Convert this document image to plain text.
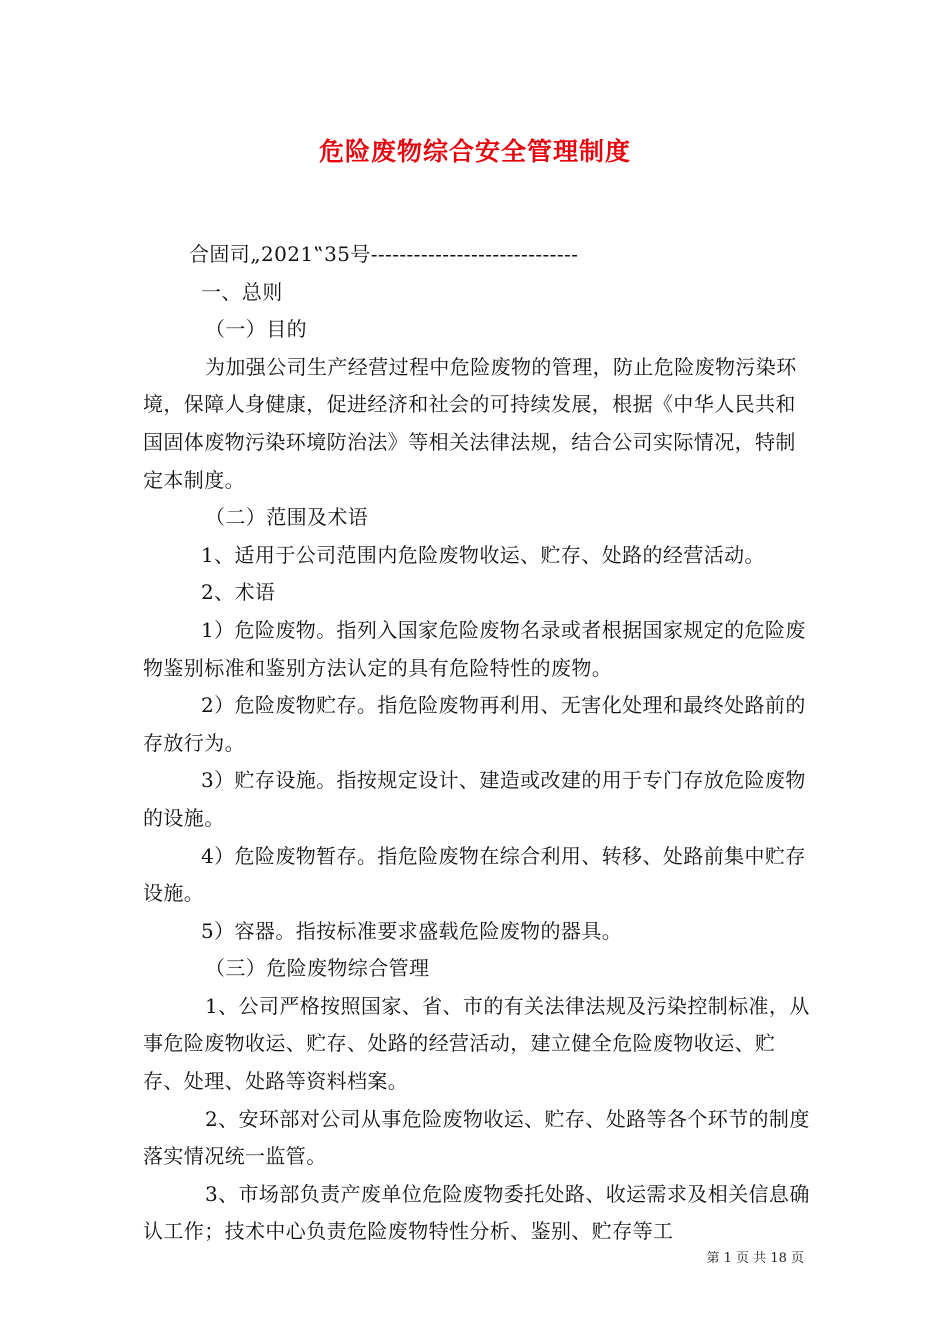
危险废物综合安全管理制度

合固司„2021‟35号-----------------------------

一、总则

（一）目的

为加强公司生产经营过程中危险废物的管理，防止危险废物污染环境，保障人身健康，促进经济和社会的可持续发展，根据《中华人民共和国固体废物污染环境防治法》等相关法律法规，结合公司实际情况，特制定本制度。

（二）范围及术语

1、适用于公司范围内危险废物收运、贮存、处路的经营活动。

2、术语

1）危险废物。指列入国家危险废物名录或者根据国家规定的危险废物鉴别标准和鉴别方法认定的具有危险特性的废物。

2）危险废物贮存。指危险废物再利用、无害化处理和最终处路前的存放行为。

3）贮存设施。指按规定设计、建造或改建的用于专门存放危险废物的设施。

4）危险废物暂存。指危险废物在综合利用、转移、处路前集中贮存设施。

5）容器。指按标准要求盛载危险废物的器具。

（三）危险废物综合管理

1、公司严格按照国家、省、市的有关法律法规及污染控制标准，从事危险废物收运、贮存、处路的经营活动，建立健全危险废物收运、贮存、处理、处路等资料档案。

2、安环部对公司从事危险废物收运、贮存、处路等各个环节的制度落实情况统一监管。

3、市场部负责产废单位危险废物委托处路、收运需求及相关信息确认工作；技术中心负责危险废物特性分析、鉴别、贮存等工

第 1 页 共 18 页
